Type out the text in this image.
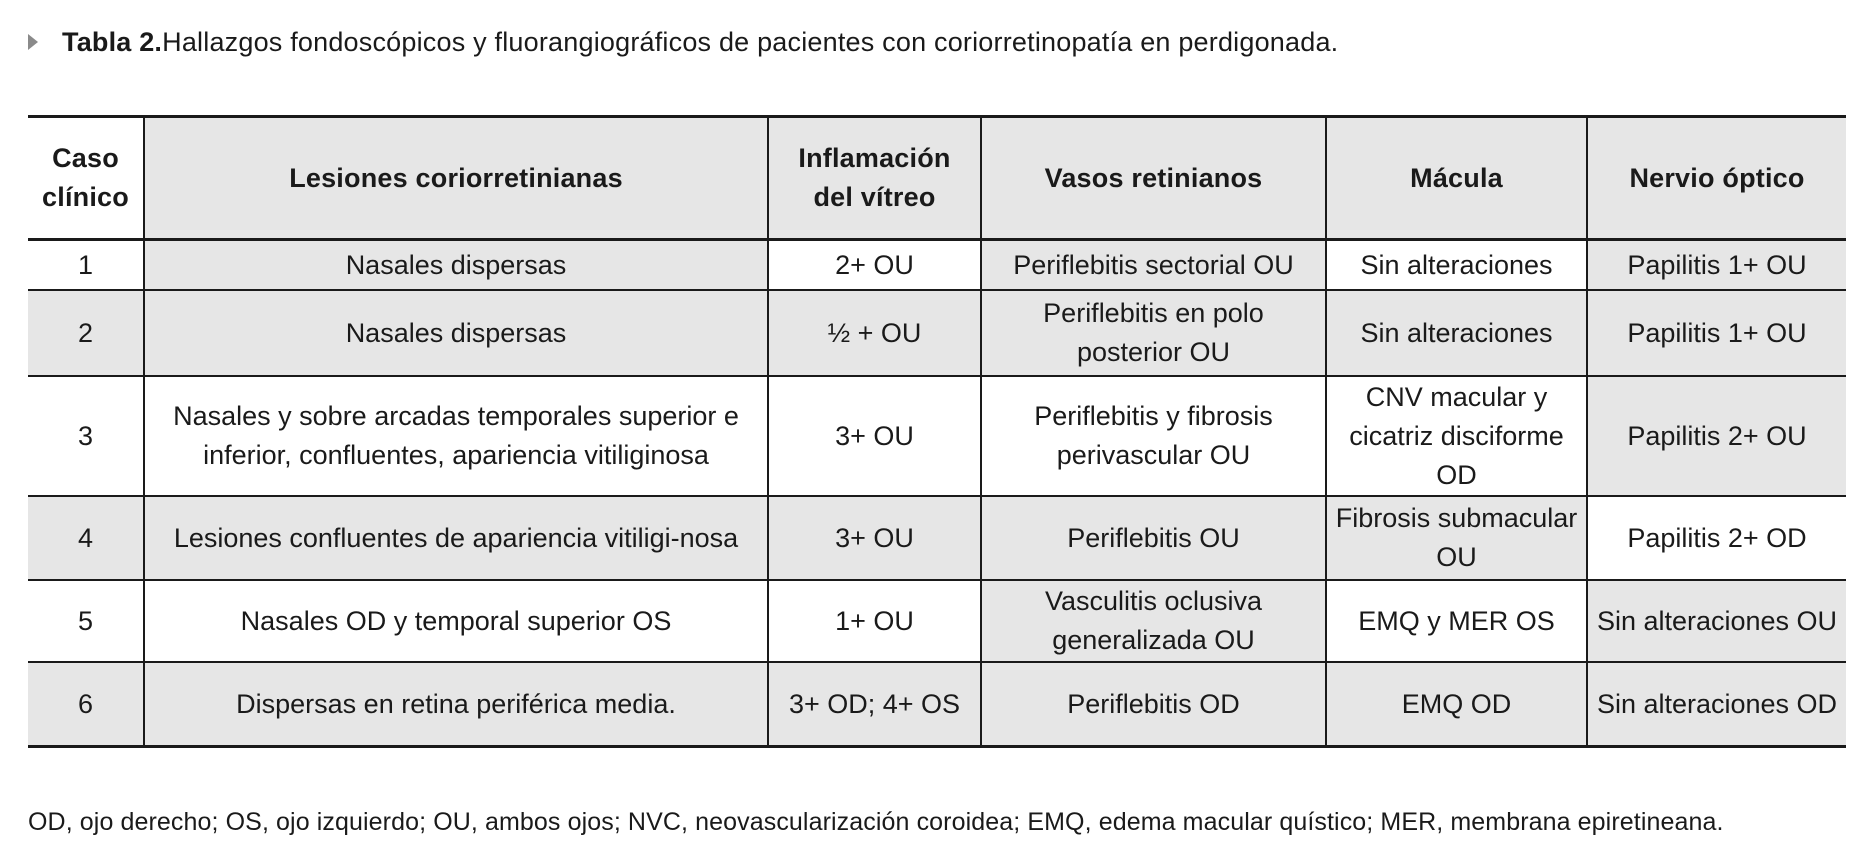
Tabla 2. Hallazgos fondoscópicos y fluorangiográficos de pacientes con coriorretinopatía en perdigonada.
Caso clínico	Lesiones coriorretinianas	Inflamación del vítreo	Vasos retinianos	Mácula	Nervio óptico
1	Nasales dispersas	2+ OU	Periflebitis sectorial OU	Sin alteraciones	Papilitis 1+ OU
2	Nasales dispersas	½ + OU	Periflebitis en polo posterior OU	Sin alteraciones	Papilitis 1+ OU
3	Nasales y sobre arcadas temporales superior e inferior, confluentes, apariencia vitiliginosa	3+ OU	Periflebitis y fibrosis perivascular OU	CNV macular y cicatriz disciforme OD	Papilitis 2+ OU
4	Lesiones confluentes de apariencia vitiligi-nosa	3+ OU	Periflebitis OU	Fibrosis submacular OU	Papilitis 2+ OD
5	Nasales OD y temporal superior OS	1+ OU	Vasculitis oclusiva generalizada OU	EMQ y MER OS	Sin alteraciones OU
6	Dispersas en retina periférica media.	3+ OD; 4+ OS	Periflebitis OD	EMQ OD	Sin alteraciones OD
OD, ojo derecho; OS, ojo izquierdo; OU, ambos ojos; NVC, neovascularización coroidea; EMQ, edema macular quístico; MER, membrana epiretineana.
